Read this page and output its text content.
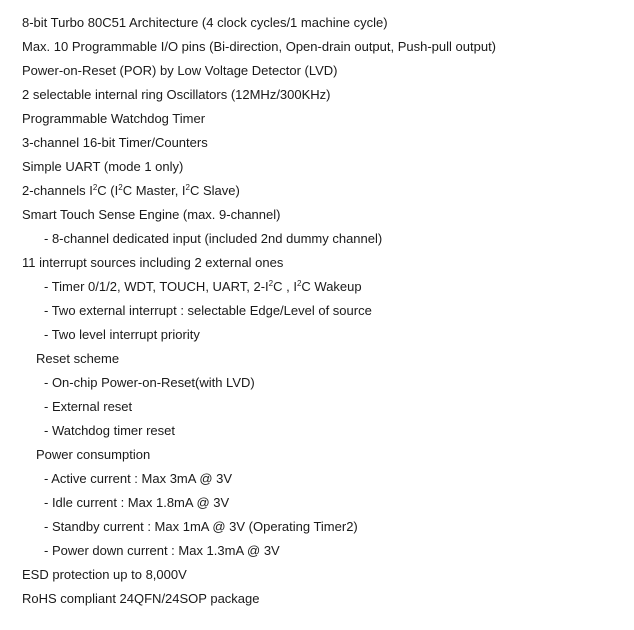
8-bit Turbo 80C51 Architecture (4 clock cycles/1 machine cycle)
Max. 10 Programmable I/O pins (Bi-direction, Open-drain output, Push-pull output)
Power-on-Reset (POR) by Low Voltage Detector (LVD)
2 selectable internal ring Oscillators (12MHz/300KHz)
Programmable Watchdog Timer
3-channel 16-bit Timer/Counters
Simple UART (mode 1 only)
2-channels $I^2C$ ($I^2C$ Master, $I^2C$ Slave)
Smart Touch Sense Engine (max. 9-channel)
- 8-channel dedicated input (included 2nd dummy channel)
11 interrupt sources including 2 external ones
- Timer 0/1/2, WDT, TOUCH, UART, $2-I^2C$ , $I^2C$ Wakeup
- Two external interrupt : selectable Edge/Level of source
- Two level interrupt priority
Reset scheme
- On-chip Power-on-Reset(with LVD)
- External reset
- Watchdog timer reset
Power consumption
- Active current : Max 3mA @ 3V
- Idle current : Max 1.8mA @ 3V
- Standby current : Max 1mA @ 3V (Operating Timer2)
- Power down current : Max 1.3mA @ 3V
ESD protection up to 8,000V
RoHS compliant 24QFN/24SOP package
